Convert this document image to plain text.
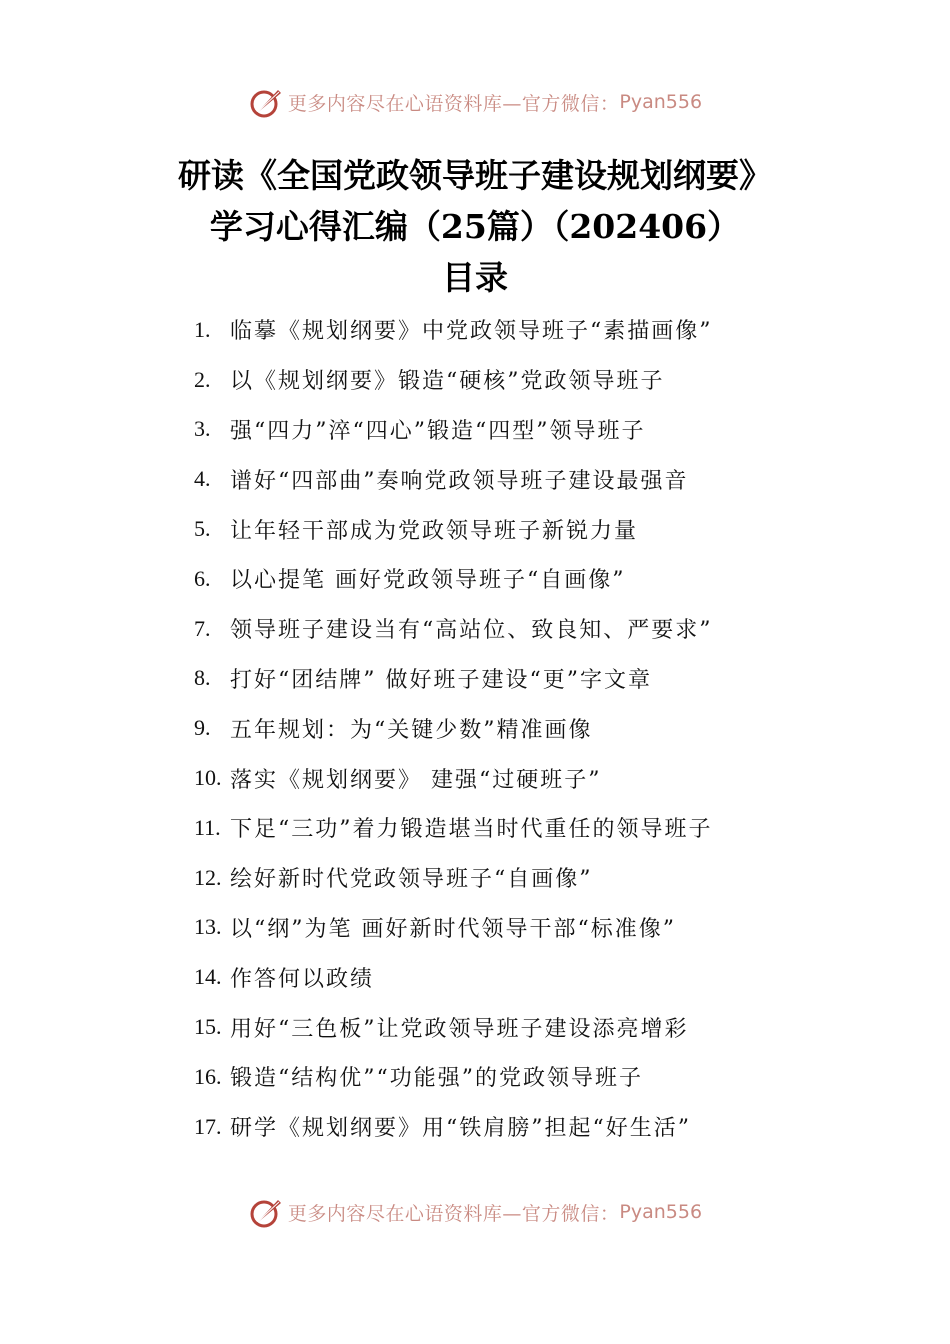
更多内容尽在心语资料库—官方微信： Pyan556
研读《全国党政领导班子建设规划纲要》
学习心得汇编（25篇）（202406）
目录
1. 临摹《规划纲要》中党政领导班子“素描画像”
2. 以《规划纲要》锻造“硬核”党政领导班子
3. 强“四力”淬“四心”锻造“四型”领导班子
4. 谱好“四部曲”奏响党政领导班子建设最强音
5. 让年轻干部成为党政领导班子新锐力量
6. 以心提笔 画好党政领导班子“自画像”
7. 领导班子建设当有“高站位、致良知、严要求”
8. 打好“团结牌” 做好班子建设“更”字文章
9. 五年规划：为“关键少数”精准画像
10. 落实《规划纲要》 建强“过硬班子”
11. 下足“三功”着力锻造堪当时代重任的领导班子
12. 绘好新时代党政领导班子“自画像”
13. 以“纲”为笔 画好新时代领导干部“标准像”
14. 作答何以政绩
15. 用好“三色板”让党政领导班子建设添亮增彩
16. 锻造“结构优”“功能强”的党政领导班子
17. 研学《规划纲要》用“铁肩膀”担起“好生活”
更多内容尽在心语资料库—官方微信： Pyan556
